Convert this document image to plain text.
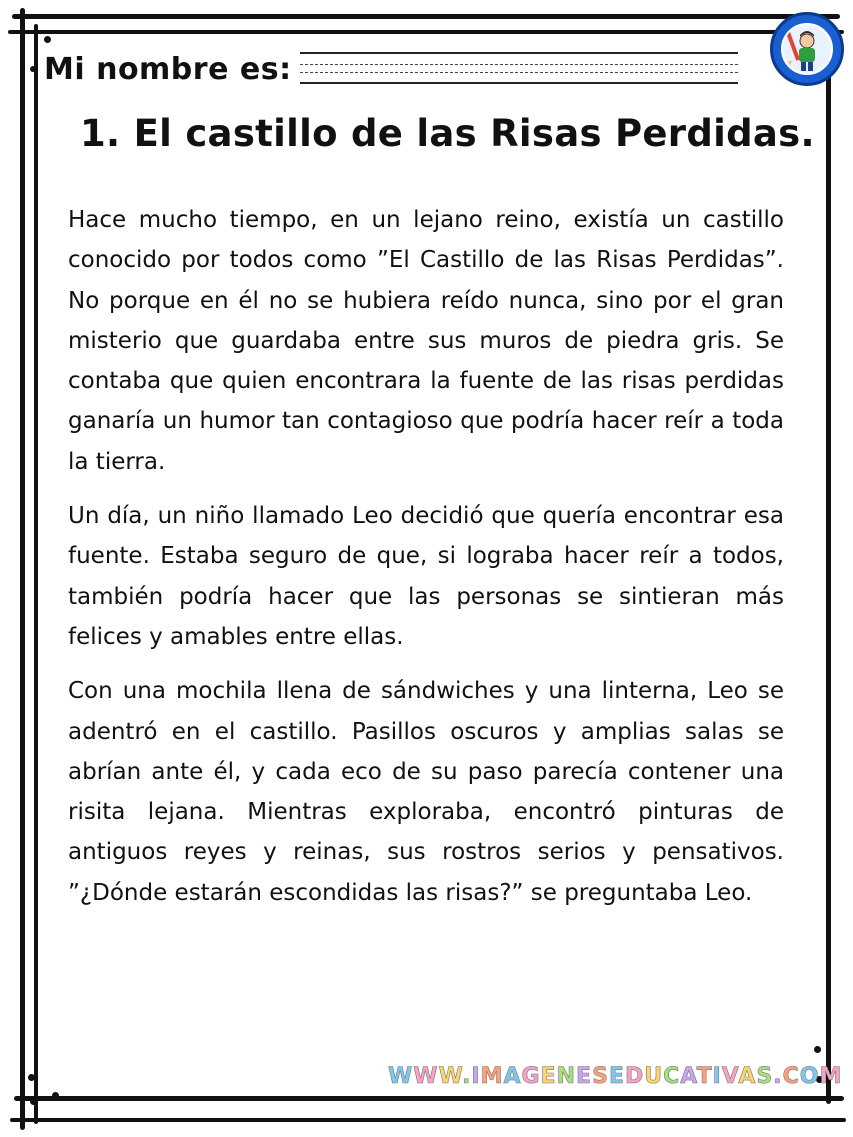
Mi nombre es:
1. El castillo de las Risas Perdidas.

Hace mucho tiempo, en un lejano reino, existía un castillo conocido por todos como ”El Castillo de las Risas Perdidas”. No porque en él no se hubiera reído nunca, sino por el gran misterio que guardaba entre sus muros de piedra gris. Se contaba que quien encontrara la fuente de las risas perdidas ganaría un humor tan contagioso que podría hacer reír a toda la tierra.

Un día, un niño llamado Leo decidió que quería encontrar esa fuente. Estaba seguro de que, si lograba hacer reír a todos, también podría hacer que las personas se sintieran más felices y amables entre ellas.

Con una mochila llena de sándwiches y una linterna, Leo se adentró en el castillo. Pasillos oscuros y amplias salas se abrían ante él, y cada eco de su paso parecía contener una risita lejana. Mientras exploraba, encontró pinturas de antiguos reyes y reinas, sus rostros serios y pensativos. ”¿Dónde estarán escondidas las risas?” se preguntaba Leo.

WWW.IMAGENESEDUCATIVAS.COM
